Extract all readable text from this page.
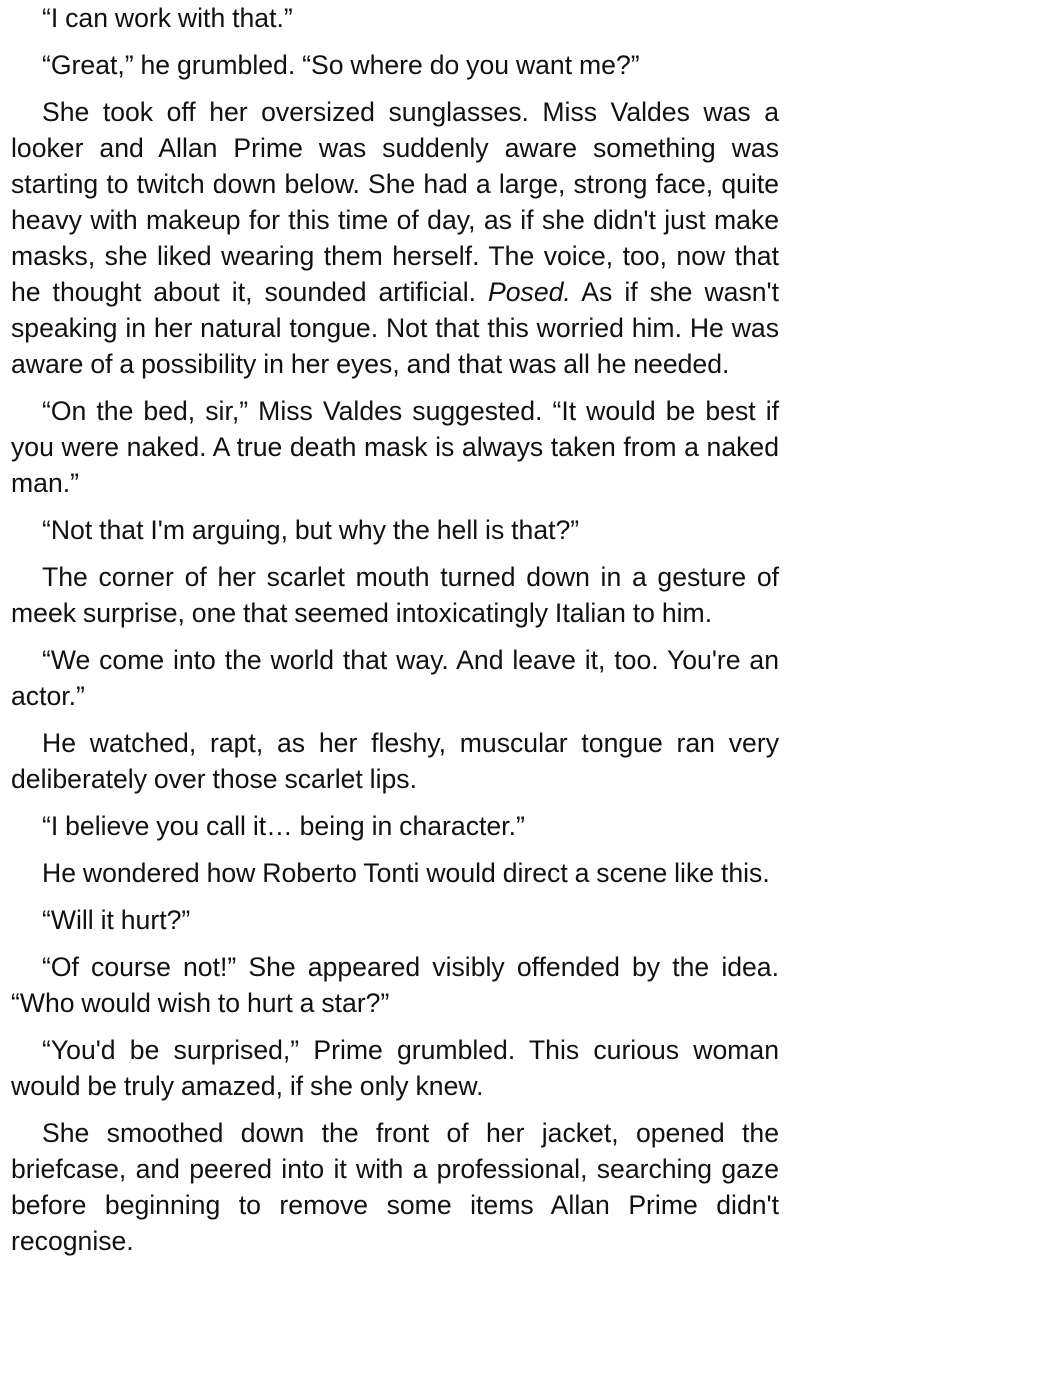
“I can work with that.”

“Great,” he grumbled. “So where do you want me?”

She took off her oversized sunglasses. Miss Valdes was a looker and Allan Prime was suddenly aware something was starting to twitch down below. She had a large, strong face, quite heavy with makeup for this time of day, as if she didn't just make masks, she liked wearing them herself. The voice, too, now that he thought about it, sounded artificial. Posed. As if she wasn't speaking in her natural tongue. Not that this worried him. He was aware of a possibility in her eyes, and that was all he needed.

“On the bed, sir,” Miss Valdes suggested. “It would be best if you were naked. A true death mask is always taken from a naked man.”

“Not that I'm arguing, but why the hell is that?”

The corner of her scarlet mouth turned down in a gesture of meek surprise, one that seemed intoxicatingly Italian to him.

“We come into the world that way. And leave it, too. You're an actor.”

He watched, rapt, as her fleshy, muscular tongue ran very deliberately over those scarlet lips.

“I believe you call it… being in character.”

He wondered how Roberto Tonti would direct a scene like this.

“Will it hurt?”

“Of course not!” She appeared visibly offended by the idea. “Who would wish to hurt a star?”

“You'd be surprised,” Prime grumbled. This curious woman would be truly amazed, if she only knew.

She smoothed down the front of her jacket, opened the briefcase, and peered into it with a professional, searching gaze before beginning to remove some items Allan Prime didn't recognise.
